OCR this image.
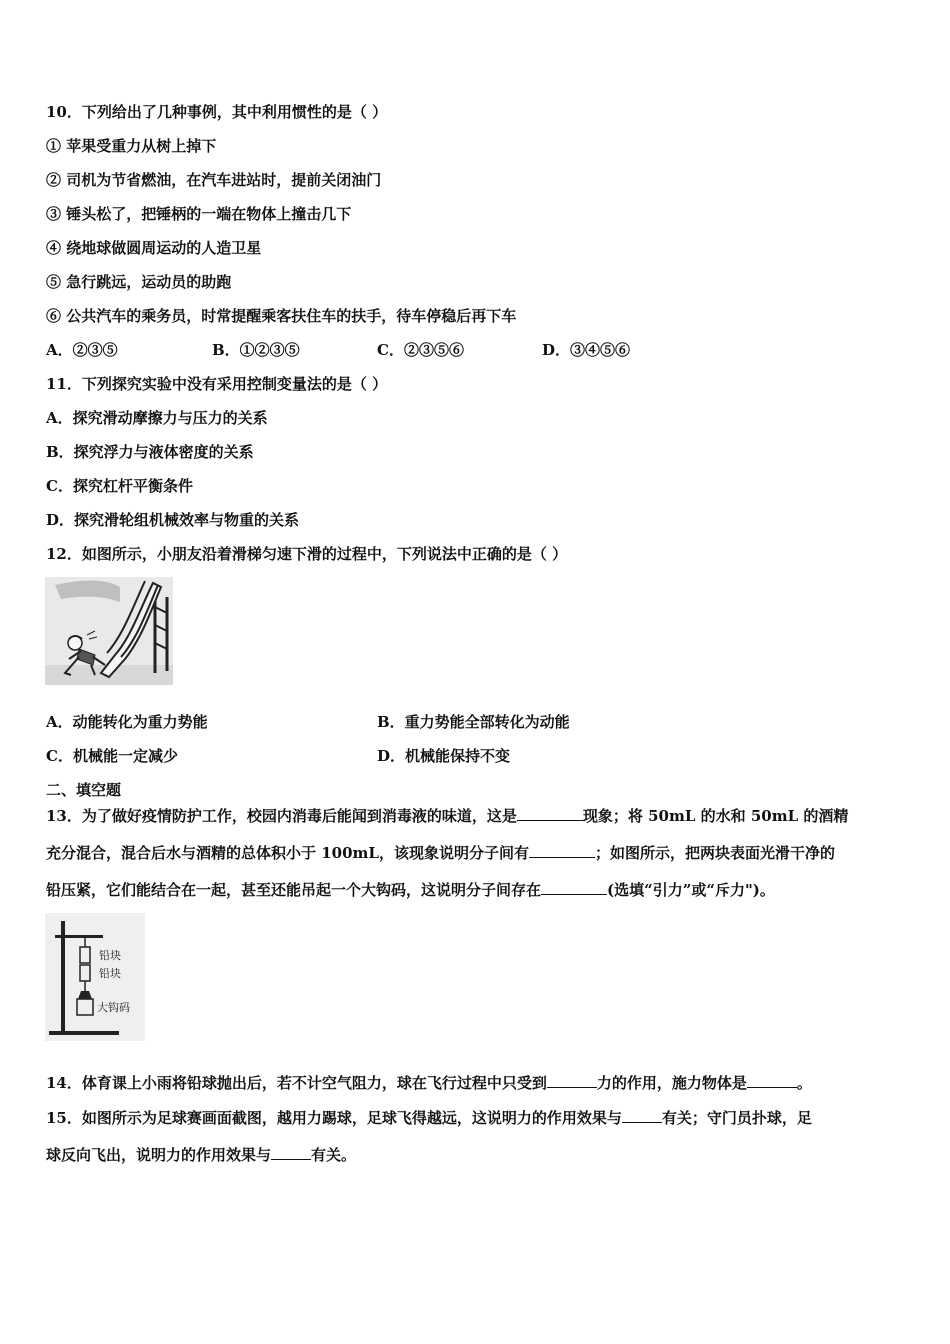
10．下列给出了几种事例，其中利用惯性的是（ ）
① 苹果受重力从树上掉下
② 司机为节省燃油，在汽车进站时，提前关闭油门
③ 锤头松了，把锤柄的一端在物体上撞击几下
④ 绕地球做圆周运动的人造卫星
⑤ 急行跳远，运动员的助跑
⑥ 公共汽车的乘务员，时常提醒乘客扶住车的扶手，待车停稳后再下车
A．②③⑤	B．①②③⑤	C．②③⑤⑥	D．③④⑤⑥
11．下列探究实验中没有采用控制变量法的是（ ）
A．探究滑动摩擦力与压力的关系
B．探究浮力与液体密度的关系
C．探究杠杆平衡条件
D．探究滑轮组机械效率与物重的关系
12．如图所示，小朋友沿着滑梯匀速下滑的过程中，下列说法中正确的是（ ）
A．动能转化为重力势能	B．重力势能全部转化为动能
C．机械能一定减少	D．机械能保持不变
二、填空题
13．为了做好疫情防护工作，校园内消毒后能闻到消毒液的味道，这是	现象；将 50mL 的水和 50mL 的酒精
充分混合，混合后水与酒精的总体积小于 100mL，该现象说明分子间有	；如图所示，把两块表面光滑干净的
铅压紧，它们能结合在一起，甚至还能吊起一个大钩码，这说明分子间存在	(选填“引力”或“斥力")。
铅块
铅块
大钩码
14．体育课上小雨将铅球抛出后，若不计空气阻力，球在飞行过程中只受到	力的作用，施力物体是	。
15．如图所示为足球赛画面截图，越用力踢球，足球飞得越远，这说明力的作用效果与	有关；守门员扑球，足
球反向飞出，说明力的作用效果与	有关。
